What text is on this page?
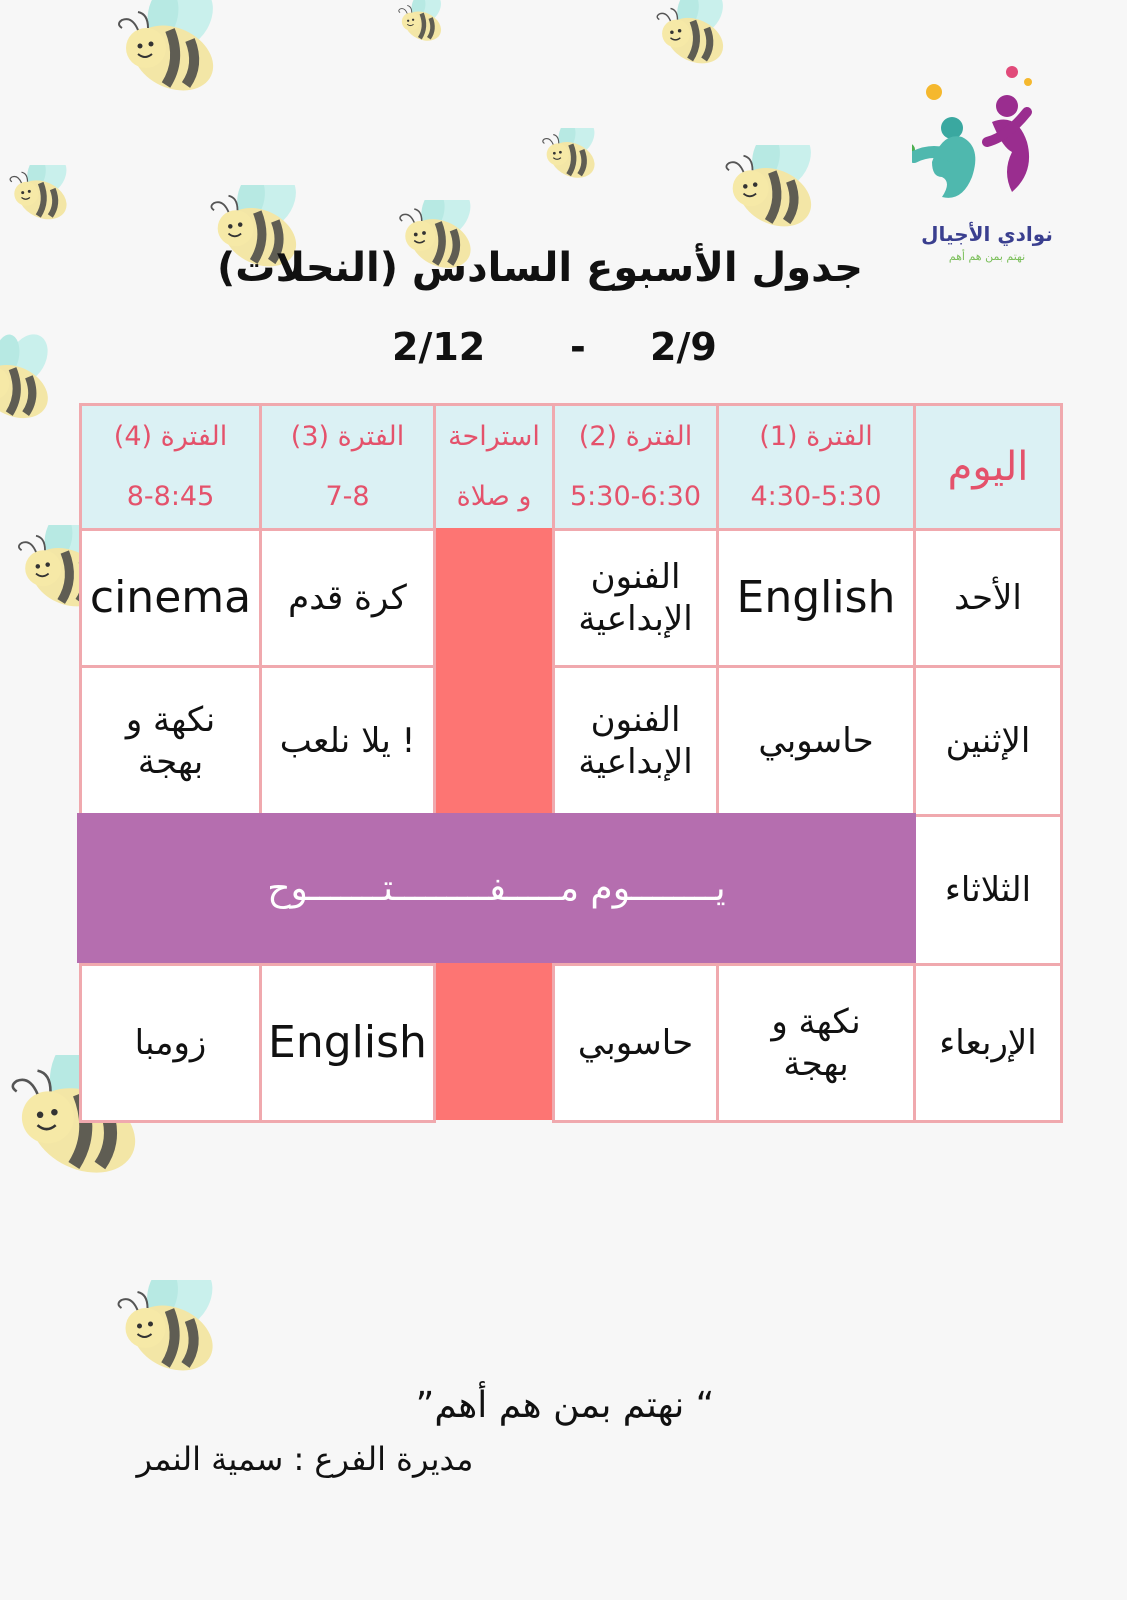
نوادي الأجيال
نهتم بمن هم أهم
جدول الأسبوع السادس (النحلات)
2/12 - 2/9
اليوم
الفترة (1)
4:30-5:30
الفترة (2)
5:30-6:30
استراحة
و صلاة
الفترة (3)
7-8
الفترة (4)
8-8:45
الأحد
English
الفنون الإبداعية
كرة قدم
cinema
الإثنين
حاسوبي
الفنون الإبداعية
! يلا نلعب
نكهة و بهجة
الثلاثاء
الإربعاء
نكهة و بهجة
حاسوبي
English
زومبا
يــــــــوم مـــــفـــــــــتـــــــوح
“ نهتم بمن هم أهم”
مديرة الفرع : سمية النمر
